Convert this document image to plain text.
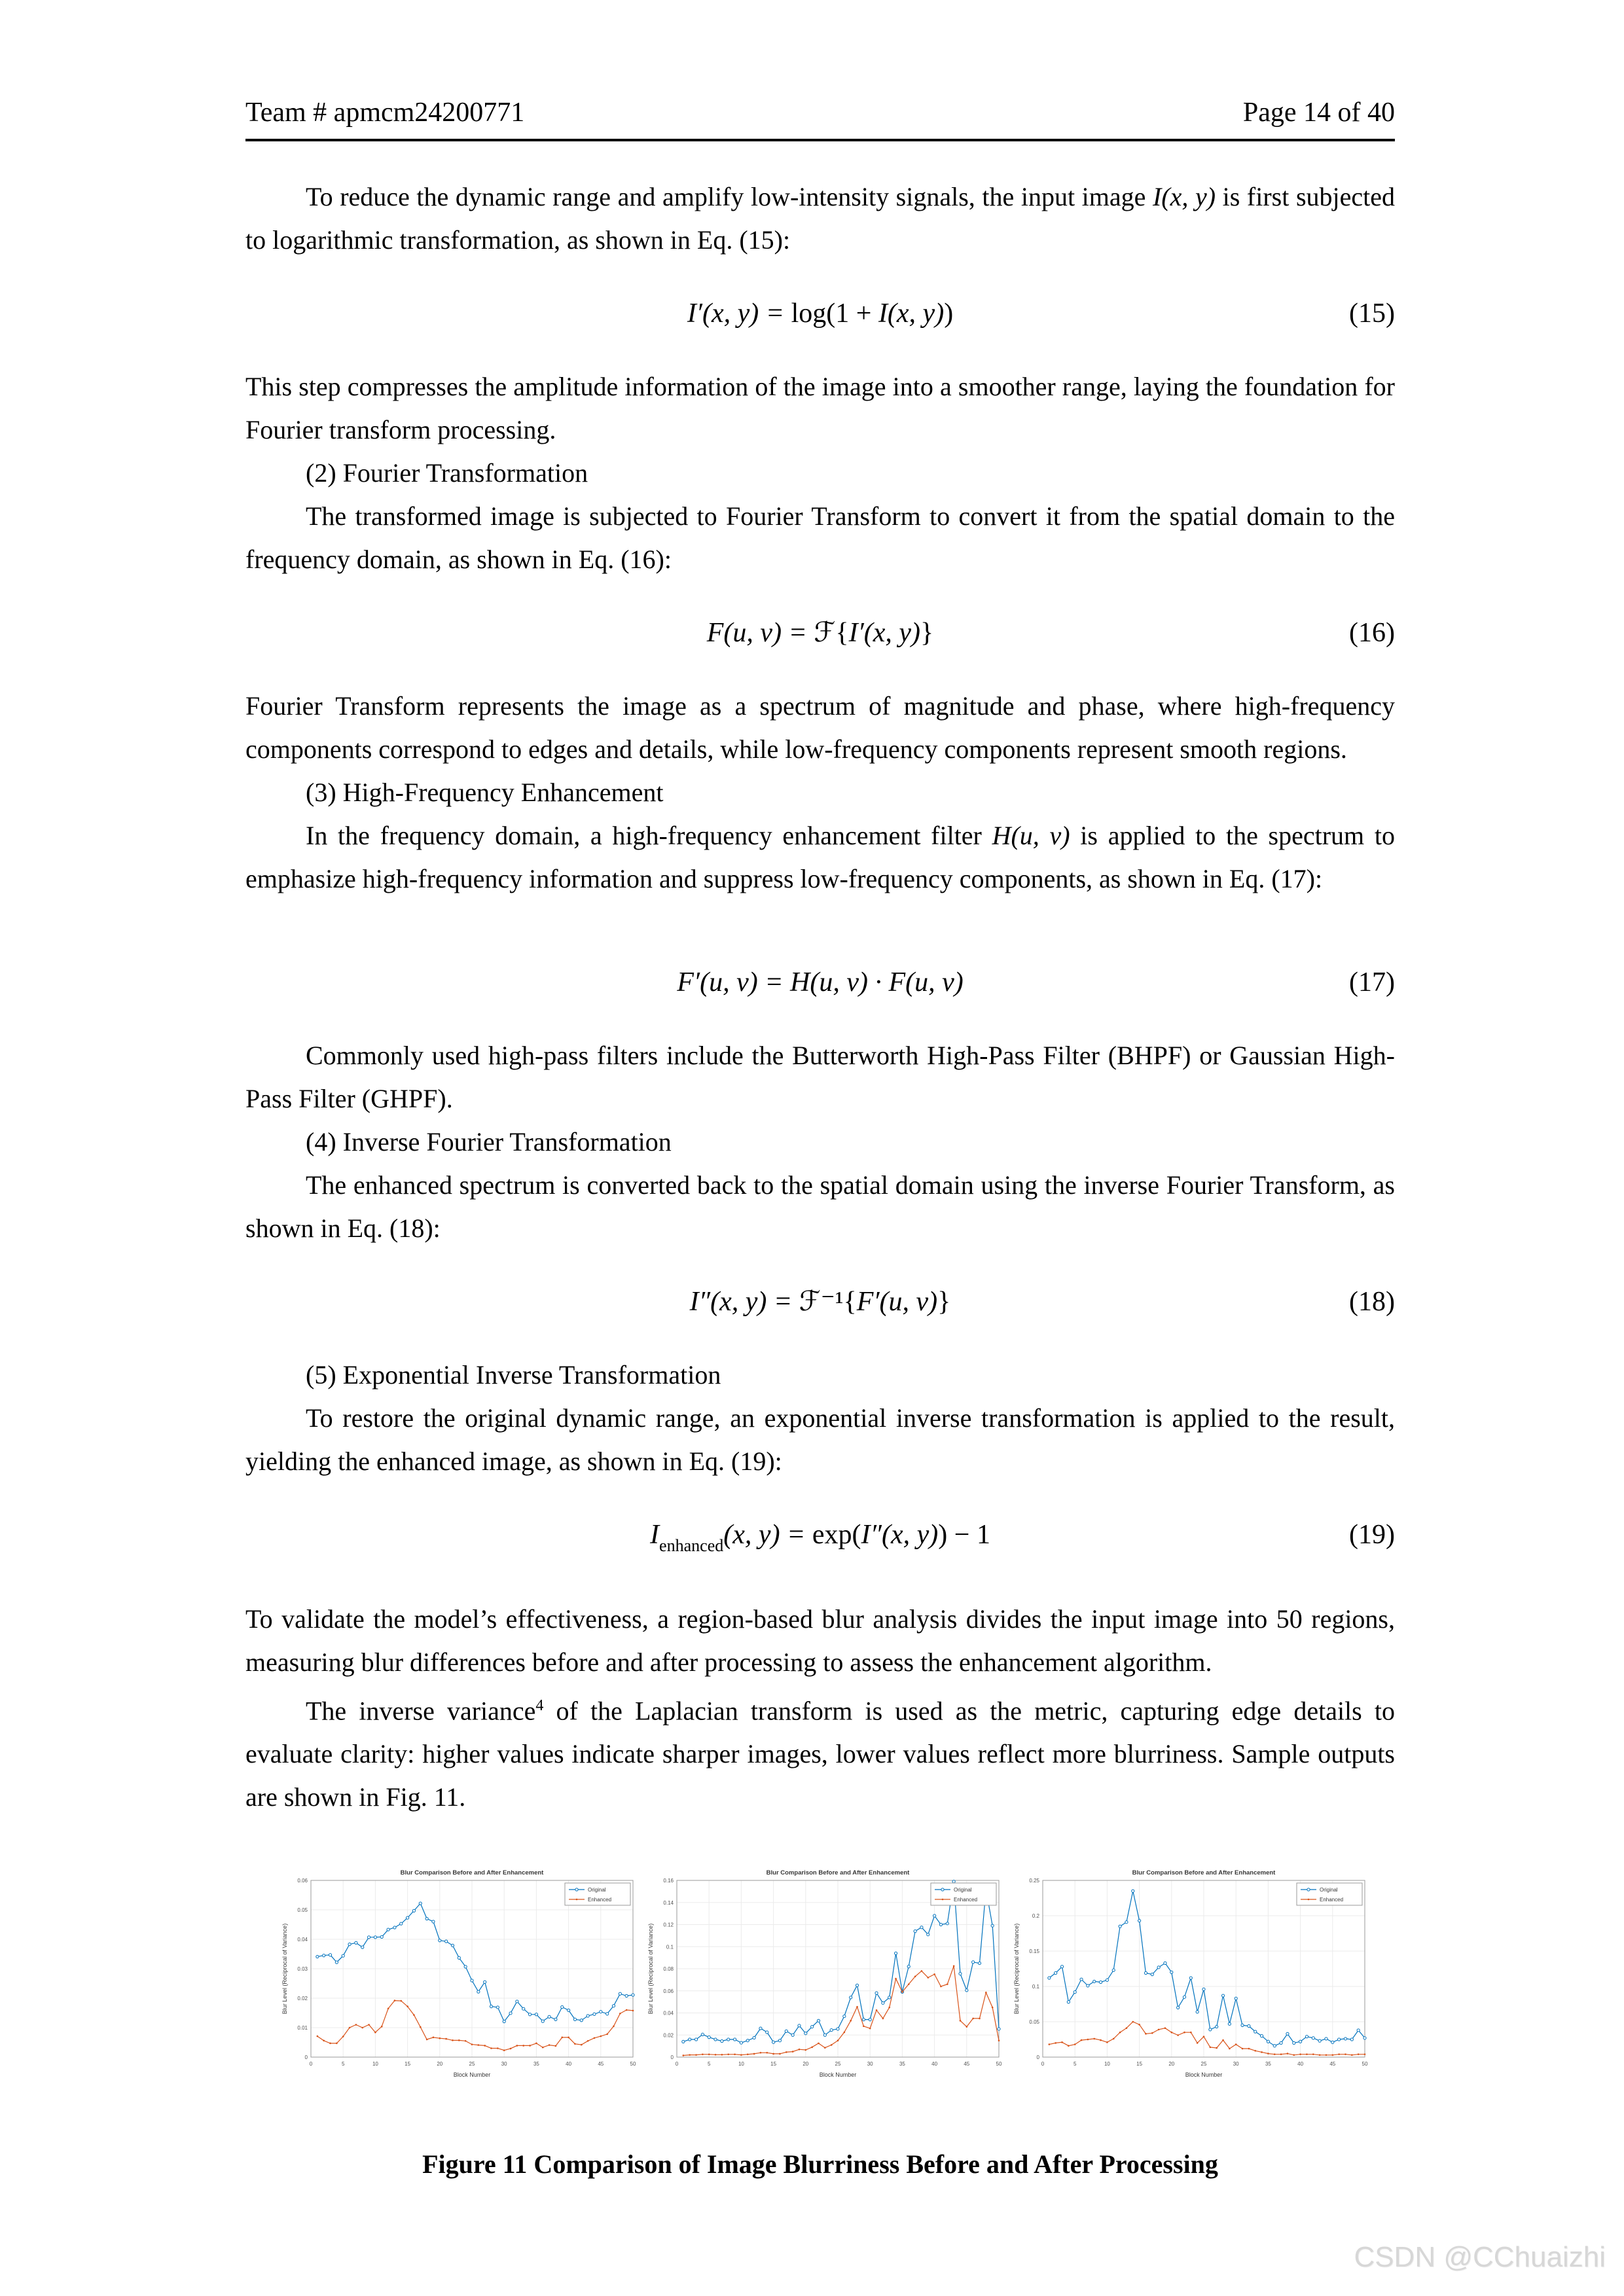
Team # apmcm24200771	Page 14 of 40

To reduce the dynamic range and amplify low-intensity signals, the input image I(x, y) is first subjected to logarithmic transformation, as shown in Eq. (15):

I′(x, y) = log(1 + I(x, y))	(15)

This step compresses the amplitude information of the image into a smoother range, laying the foundation for Fourier transform processing.

(2) Fourier Transformation

The transformed image is subjected to Fourier Transform to convert it from the spatial domain to the frequency domain, as shown in Eq. (16):

F(u, v) = ℱ{I′(x, y)}	(16)

Fourier Transform represents the image as a spectrum of magnitude and phase, where high-frequency components correspond to edges and details, while low-frequency components represent smooth regions.

(3) High-Frequency Enhancement

In the frequency domain, a high-frequency enhancement filter H(u, v) is applied to the spectrum to emphasize high-frequency information and suppress low-frequency components, as shown in Eq. (17):

F′(u, v) = H(u, v) · F(u, v)	(17)

Commonly used high-pass filters include the Butterworth High-Pass Filter (BHPF) or Gaussian High-Pass Filter (GHPF).

(4) Inverse Fourier Transformation

The enhanced spectrum is converted back to the spatial domain using the inverse Fourier Transform, as shown in Eq. (18):

I″(x, y) = ℱ⁻¹{F′(u, v)}	(18)

(5) Exponential Inverse Transformation

To restore the original dynamic range, an exponential inverse transformation is applied to the result, yielding the enhanced image, as shown in Eq. (19):

$I_{enhanced}(x$, y) = exp(I″(x, y)) − 1	(19)

To validate the model’s effectiveness, a region-based blur analysis divides the input image into 50 regions, measuring blur differences before and after processing to assess the enhancement algorithm.

The inverse variance$^4$ of the Laplacian transform is used as the metric, capturing edge details to evaluate clarity: higher values indicate sharper images, lower values reflect more blurriness. Sample outputs are shown in Fig. 11.

0	5	10	15	20	25	30	35	40	45	50
0
0.01
0.02
0.03
0.04
0.05
0.06
Blur Comparison Before and After Enhancement
Block Number
Blur Level (Reciprocal of Variance)
Original
Enhanced
0	5	10	15	20	25	30	35	40	45	50
0
0.02
0.04
0.06
0.08
0.1
0.12
0.14
0.16
Blur Comparison Before and After Enhancement
Block Number
Blur Level (Reciprocal of Variance)
Original
Enhanced
0	5	10	15	20	25	30	35	40	45	50
0
0.05
0.1
0.15
0.2
0.25
Blur Comparison Before and After Enhancement
Block Number
Blur Level (Reciprocal of Variance)
Original
Enhanced

Figure 11 Comparison of Image Blurriness Before and After Processing

CSDN @CChuaizhi
